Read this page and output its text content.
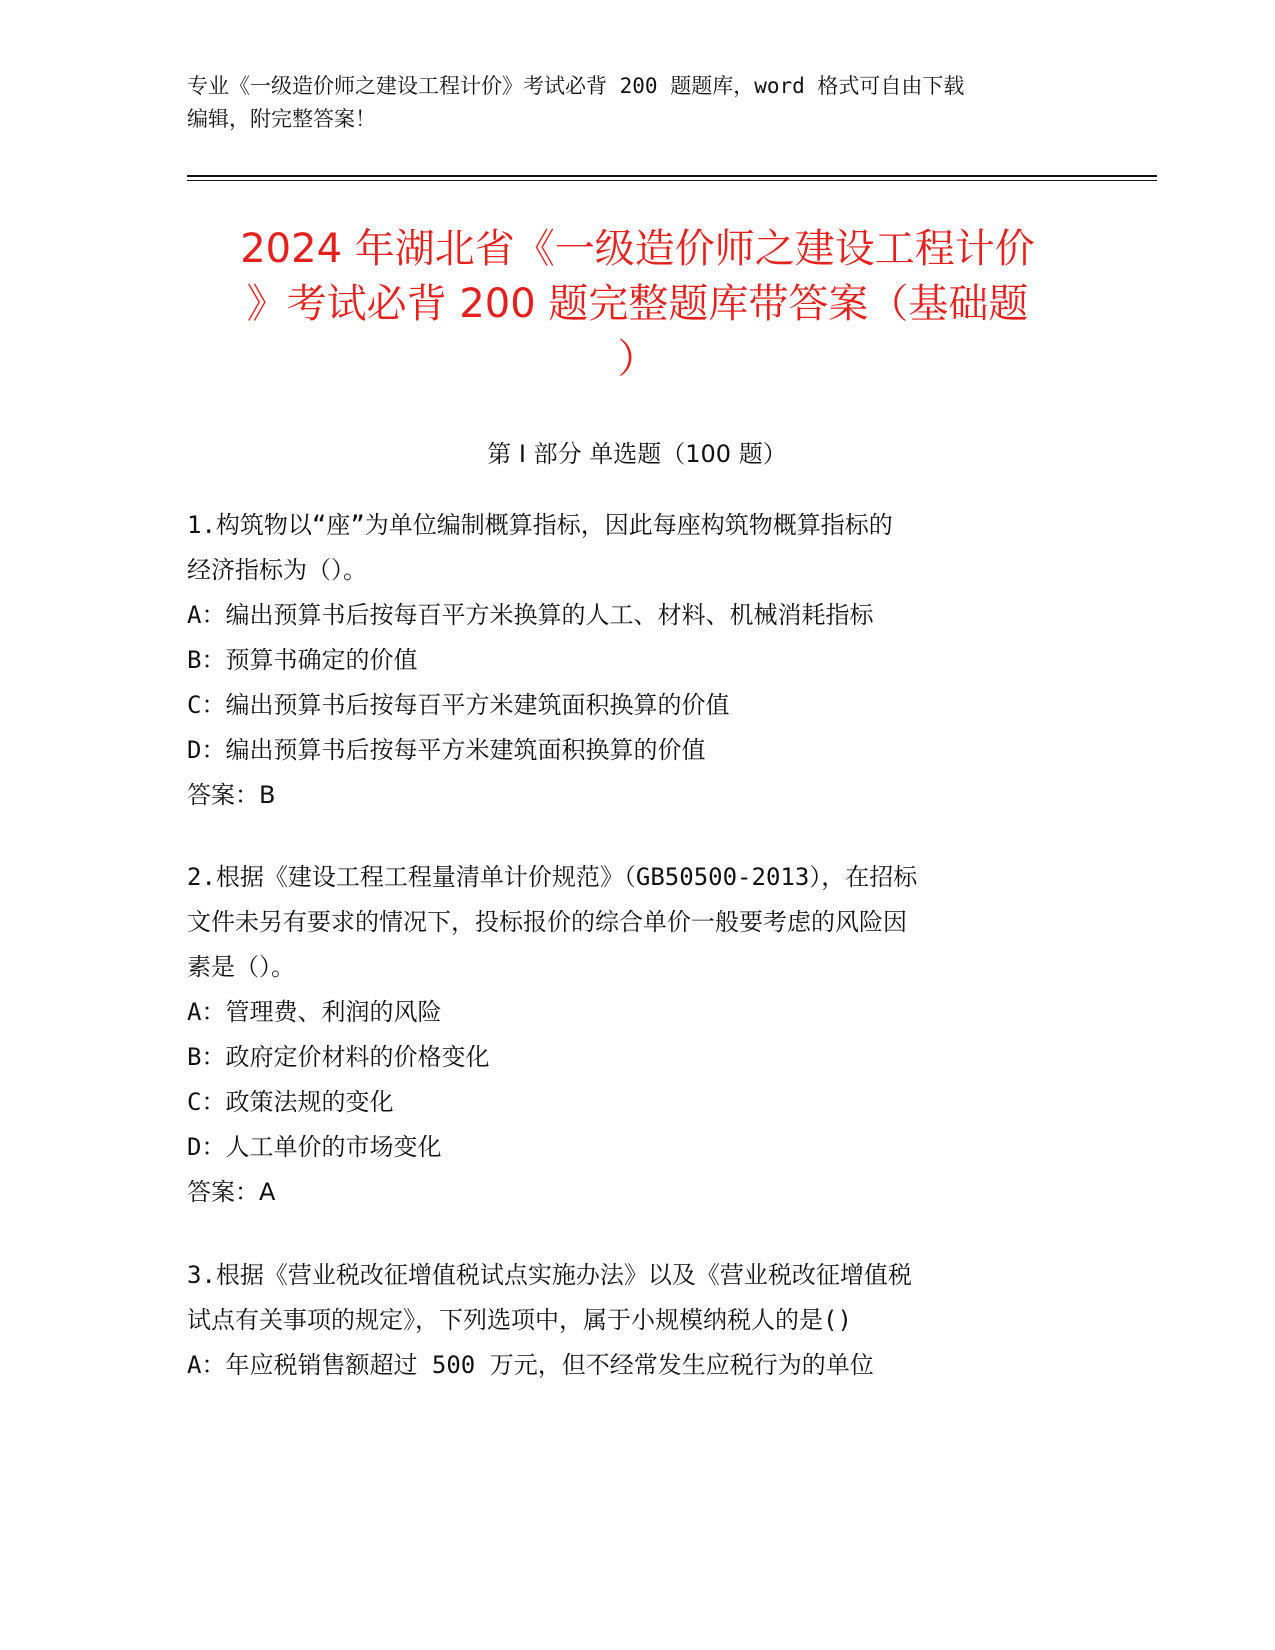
专业《一级造价师之建设工程计价》考试必背 200 题题库，word 格式可自由下载
编辑，附完整答案！
2024 年湖北省《一级造价师之建设工程计价
》考试必背 200 题完整题库带答案（基础题
）
第 I 部分 单选题（100 题）
1.构筑物以“座”为单位编制概算指标，因此每座构筑物概算指标的
经济指标为（）。
A：编出预算书后按每百平方米换算的人工、材料、机械消耗指标
B：预算书确定的价值
C：编出预算书后按每百平方米建筑面积换算的价值
D：编出预算书后按每平方米建筑面积换算的价值
答案：B
2.根据《建设工程工程量清单计价规范》（GB50500-2013），在招标
文件未另有要求的情况下，投标报价的综合单价一般要考虑的风险因
素是（）。
A：管理费、利润的风险
B：政府定价材料的价格变化
C：政策法规的变化
D：人工单价的市场变化
答案：A
3.根据《营业税改征增值税试点实施办法》以及《营业税改征增值税
试点有关事项的规定》，下列选项中，属于小规模纳税人的是()
A：年应税销售额超过 500 万元，但不经常发生应税行为的单位
